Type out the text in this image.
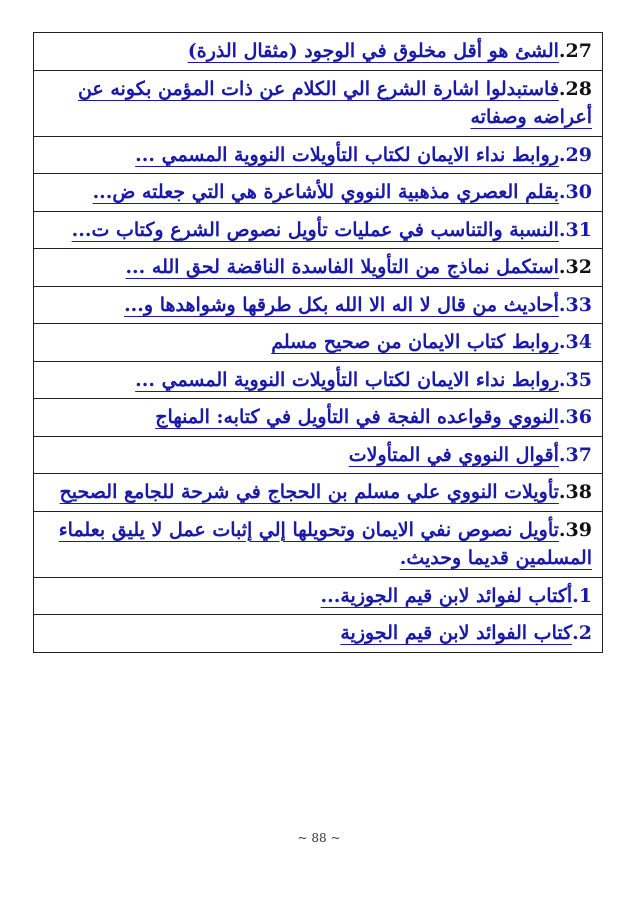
27.الشئ هو أقل مخلوق في الوجود (مثقال الذرة)
28.فاستبدلوا اشارة الشرع الي الكلام عن ذات المؤمن بكونه عن أعراضه وصفاته
29.روابط نداء الايمان لكتاب التأويلات النووية المسمي ...
30.بقلم العصري مذهبية النووي للأشاعرة هي التي جعلته ض...
31.النسبة والتناسب في عمليات تأويل نصوص الشرع وكتاب ت...
32.استكمل نماذج من التأويلا الفاسدة الناقضة لحق الله ...
33.أحاديث من قال لا اله الا الله بكل طرقها وشواهدها و...
34.روابط كتاب الايمان من صحيح مسلم
35.روابط نداء الايمان لكتاب التأويلات النووية المسمي ...
36.النووي وقواعده الفجة في التأويل في كتابه: المنهاج
37.أقوال النووي في المتأولات
38.تأويلات النووي علي مسلم بن الحجاج في شرحة للجامع الصحيح
39.تأويل نصوص نفي الايمان وتحويلها إلي إثبات عمل لا يليق بعلماء المسلمين قديما وحديث.
1.أكتاب لفوائد لابن قيم الجوزية...
2.كتاب الفوائد لابن قيم الجوزية
~ 88 ~
